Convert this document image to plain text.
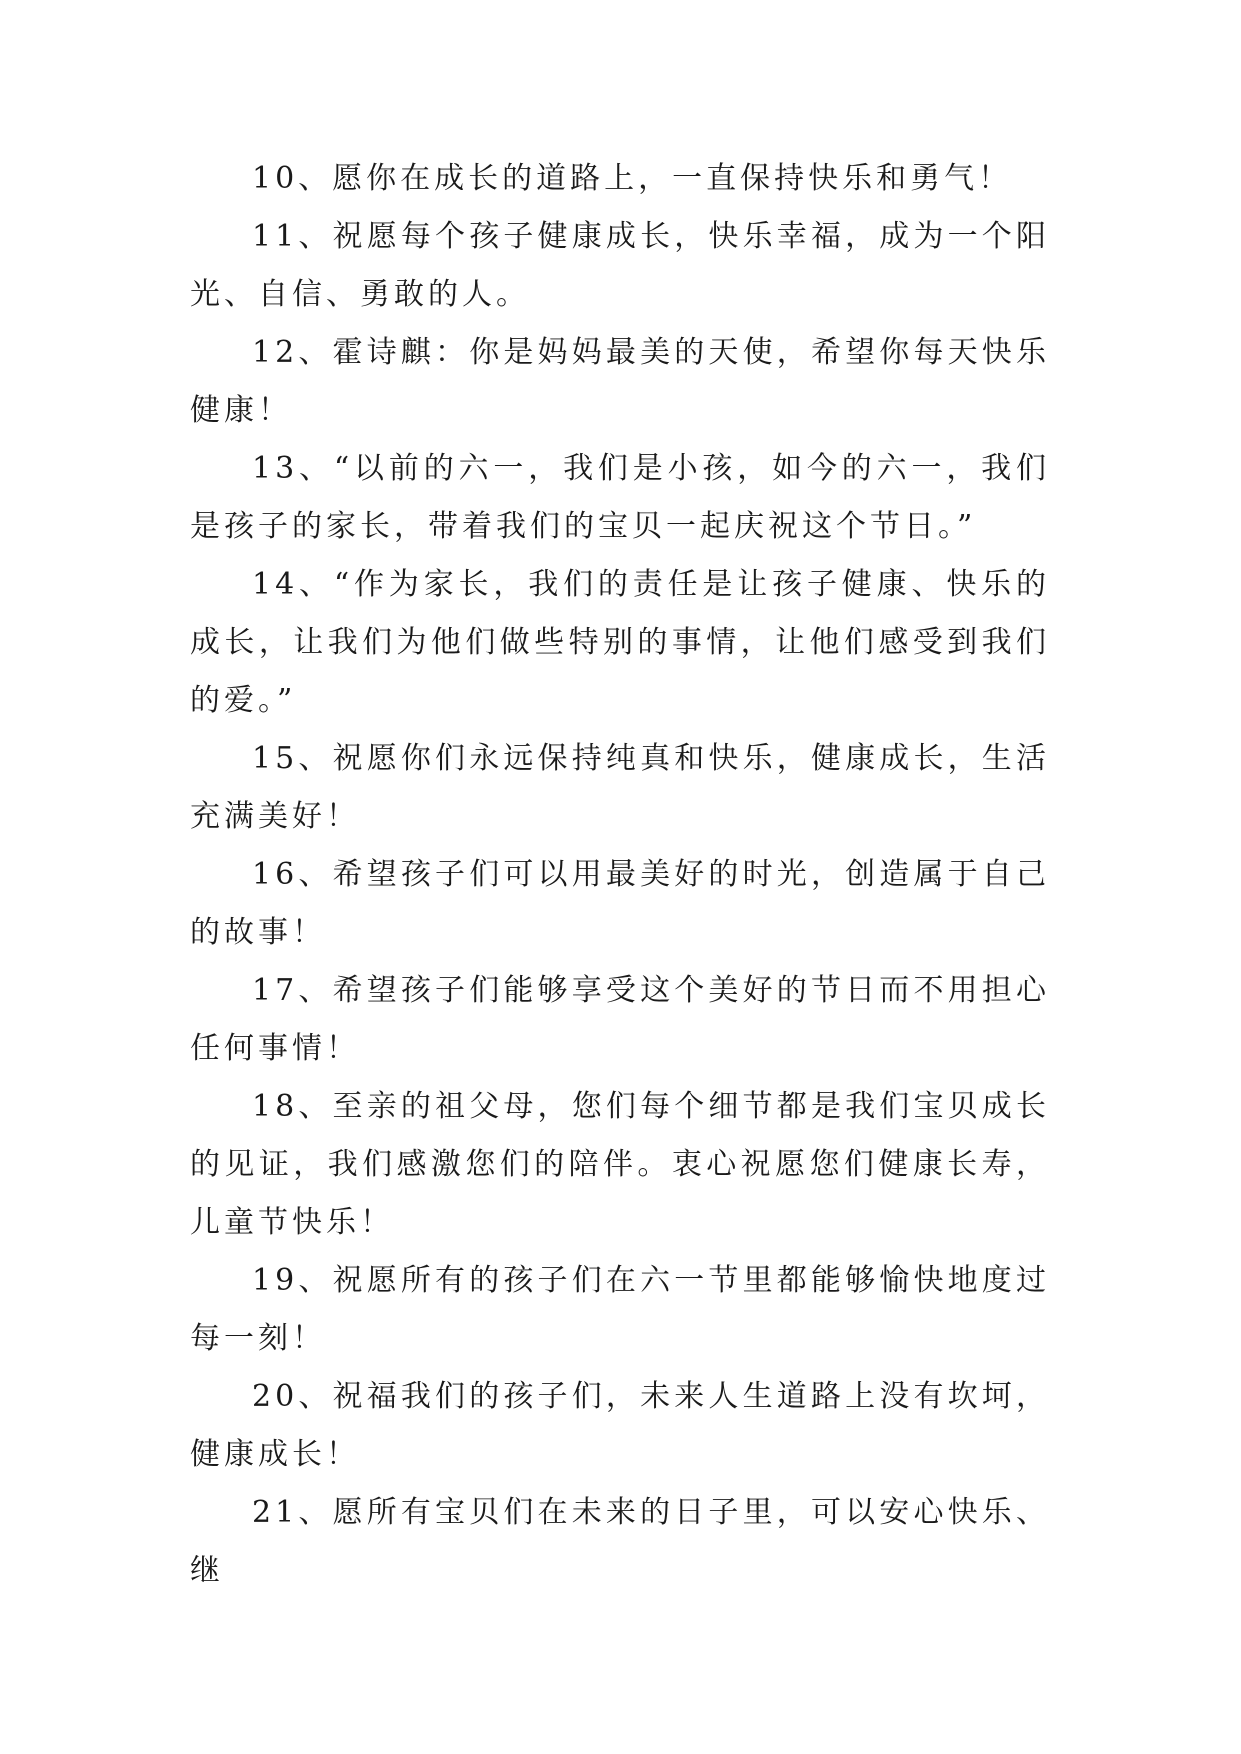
10、愿你在成长的道路上，一直保持快乐和勇气！

11、祝愿每个孩子健康成长，快乐幸福，成为一个阳光、自信、勇敢的人。

12、霍诗麒：你是妈妈最美的天使，希望你每天快乐健康！

13、“以前的六一，我们是小孩，如今的六一，我们是孩子的家长，带着我们的宝贝一起庆祝这个节日。”

14、“作为家长，我们的责任是让孩子健康、快乐的成长，让我们为他们做些特别的事情，让他们感受到我们的爱。”

15、祝愿你们永远保持纯真和快乐，健康成长，生活充满美好！

16、希望孩子们可以用最美好的时光，创造属于自己的故事！

17、希望孩子们能够享受这个美好的节日而不用担心任何事情！

18、至亲的祖父母，您们每个细节都是我们宝贝成长的见证，我们感激您们的陪伴。衷心祝愿您们健康长寿，儿童节快乐！

19、祝愿所有的孩子们在六一节里都能够愉快地度过每一刻！

20、祝福我们的孩子们，未来人生道路上没有坎坷，健康成长！

21、愿所有宝贝们在未来的日子里，可以安心快乐、继
